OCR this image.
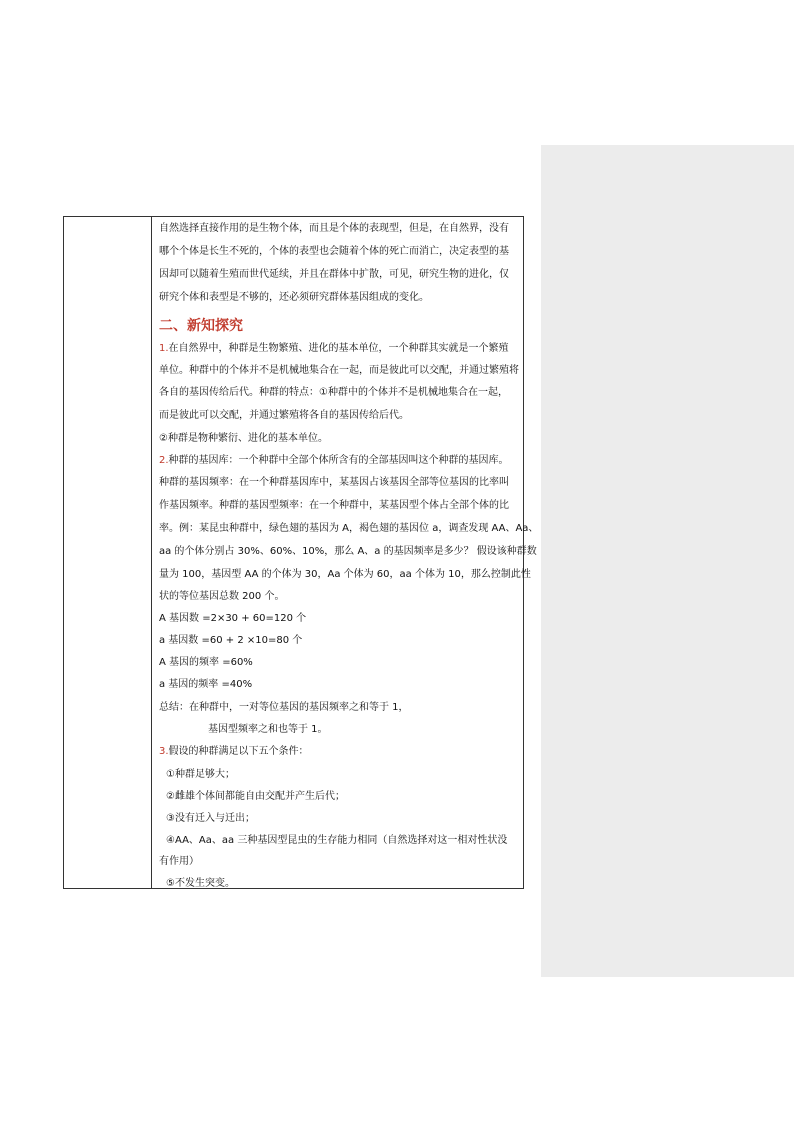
自然选择直接作用的是生物个体，而且是个体的表现型，但是，在自然界，没有
哪个个体是长生不死的，个体的表型也会随着个体的死亡而消亡，决定表型的基
因却可以随着生殖而世代延续，并且在群体中扩散，可见，研究生物的进化，仅
研究个体和表型是不够的，还必须研究群体基因组成的变化。
二、新知探究
1.在自然界中，种群是生物繁殖、进化的基本单位，一个种群其实就是一个繁殖
单位。种群中的个体并不是机械地集合在一起，而是彼此可以交配，并通过繁殖将
各自的基因传给后代。种群的特点：①种群中的个体并不是机械地集合在一起，
而是彼此可以交配，并通过繁殖将各自的基因传给后代。
②种群是物种繁衍、进化的基本单位。
2.种群的基因库：一个种群中全部个体所含有的全部基因叫这个种群的基因库。
种群的基因频率：在一个种群基因库中，某基因占该基因全部等位基因的比率叫
作基因频率。种群的基因型频率：在一个种群中，某基因型个体占全部个体的比
率。例：某昆虫种群中，绿色翅的基因为 A，褐色翅的基因位 a，调查发现 AA、Aa、
aa 的个体分别占 30%、60%、10%，那么 A、a 的基因频率是多少？ 假设该种群数
量为 100，基因型 AA 的个体为 30，Aa 个体为 60，aa 个体为 10，那么控制此性
状的等位基因总数 200 个。
A 基因数 =2×30 + 60=120 个
a 基因数 =60 + 2 ×10=80 个
A 基因的频率 =60%
a 基因的频率 =40%
总结：在种群中，一对等位基因的基因频率之和等于 1，
基因型频率之和也等于 1。
3.假设的种群满足以下五个条件：
①种群足够大；
②雌雄个体间都能自由交配并产生后代；
③没有迁入与迁出；
④AA、Aa、aa 三种基因型昆虫的生存能力相同（自然选择对这一相对性状没
有作用）
⑤不发生突变。
